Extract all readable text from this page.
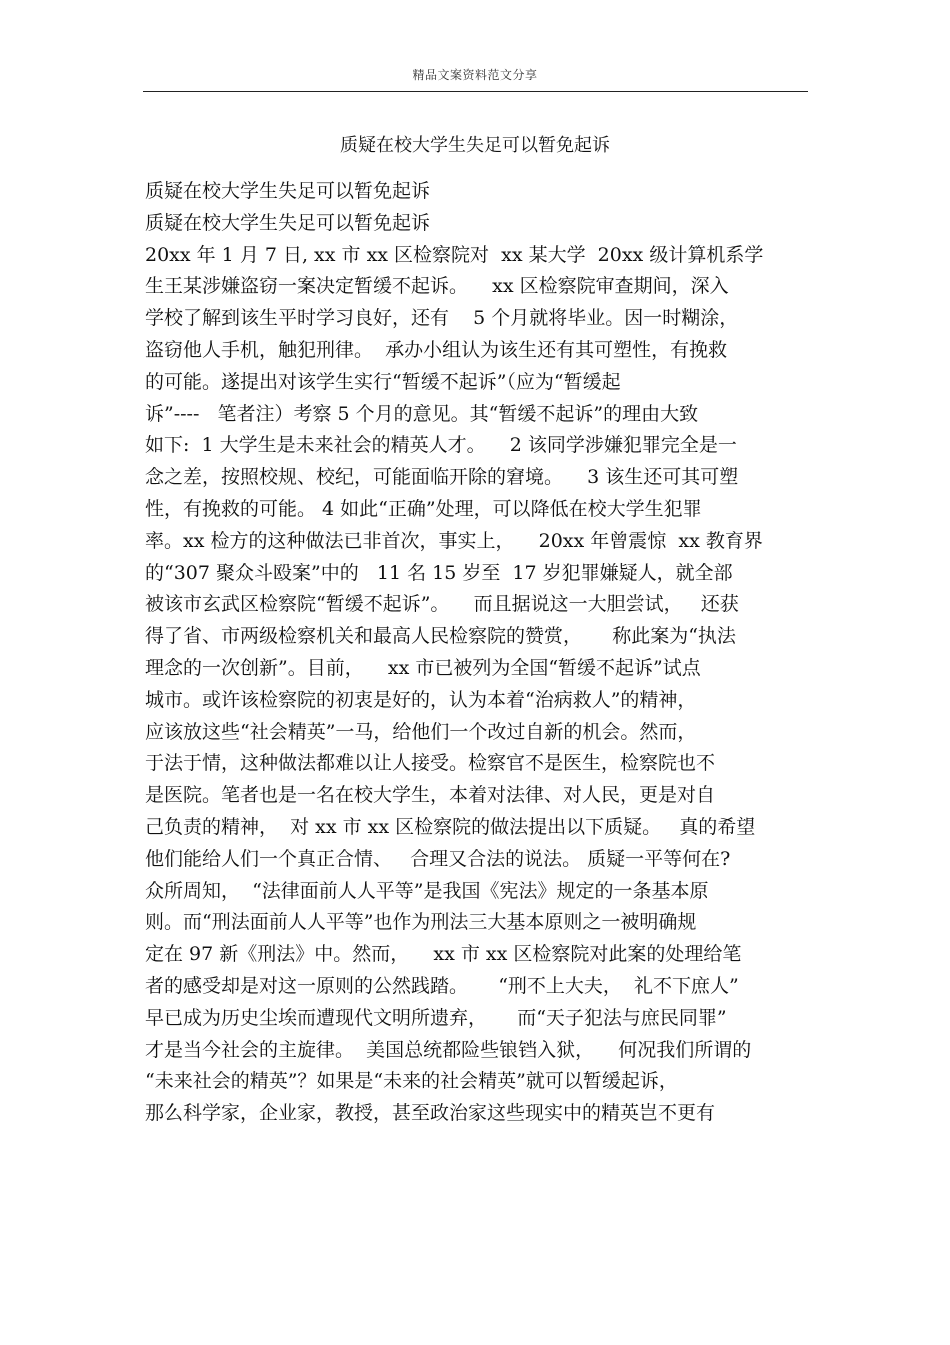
精品文案资料范文分享
质疑在校大学生失足可以暂免起诉
质疑在校大学生失足可以暂免起诉
质疑在校大学生失足可以暂免起诉
20xx 年 1 月 7 日, xx 市 xx 区检察院对  xx 某大学  20xx 级计算机系学
生王某涉嫌盗窃一案决定暂缓不起诉。    xx 区检察院审查期间，深入
学校了解到该生平时学习良好，还有    5 个月就将毕业。因一时糊涂，
盗窃他人手机，触犯刑律。  承办小组认为该生还有其可塑性，有挽救
的可能。遂提出对该学生实行“暂缓不起诉”（应为“暂缓起
诉”----   笔者注）考察 5 个月的意见。其“暂缓不起诉”的理由大致
如下:  1 大学生是未来社会的精英人才。    2 该同学涉嫌犯罪完全是一
念之差，按照校规、校纪，可能面临开除的窘境。    3 该生还可其可塑
性，有挽救的可能。 4 如此“正确”处理，可以降低在校大学生犯罪
率。xx 检方的这种做法已非首次，事实上，    20xx 年曾震惊  xx 教育界
的“307 聚众斗殴案”中的   11 名 15 岁至  17 岁犯罪嫌疑人，就全部
被该市玄武区检察院“暂缓不起诉”。    而且据说这一大胆尝试，   还获
得了省、市两级检察机关和最高人民检察院的赞赏，     称此案为“执法
理念的一次创新”。目前，    xx 市已被列为全国“暂缓不起诉”试点
城市。或许该检察院的初衷是好的，认为本着“治病救人”的精神，
应该放这些“社会精英”一马，给他们一个改过自新的机会。然而，
于法于情，这种做法都难以让人接受。检察官不是医生，检察院也不
是医院。笔者也是一名在校大学生，本着对法律、对人民，更是对自
己负责的精神，  对 xx 市 xx 区检察院的做法提出以下质疑。   真的希望
他们能给人们一个真正合情、   合理又合法的说法。 质疑一平等何在?
众所周知，  “法律面前人人平等”是我国《宪法》规定的一条基本原
则。而“刑法面前人人平等”也作为刑法三大基本原则之一被明确规
定在 97 新《刑法》中。然而，    xx 市 xx 区检察院对此案的处理给笔
者的感受却是对这一原则的公然践踏。     “刑不上大夫，  礼不下庶人”
早已成为历史尘埃而遭现代文明所遗弃，     而“天子犯法与庶民同罪”
才是当今社会的主旋律。  美国总统都险些锒铛入狱，    何况我们所谓的
“未来社会的精英”？如果是“未来的社会精英”就可以暂缓起诉，
那么科学家，企业家，教授，甚至政治家这些现实中的精英岂不更有
